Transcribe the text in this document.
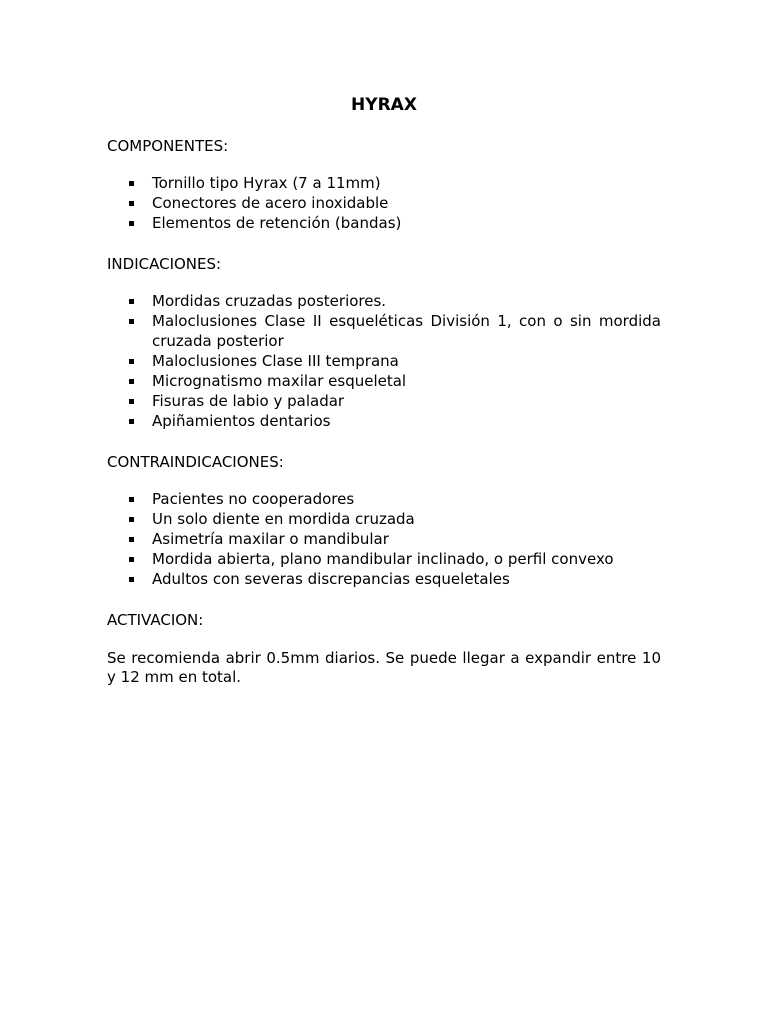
HYRAX
COMPONENTES:
Tornillo tipo Hyrax (7 a 11mm)
Conectores de acero inoxidable
Elementos de retención (bandas)
INDICACIONES:
Mordidas cruzadas posteriores.
Maloclusiones Clase II esqueléticas División 1, con o sin mordida cruzada posterior
Maloclusiones Clase III temprana
Micrognatismo maxilar esqueletal
Fisuras de labio y paladar
Apiñamientos dentarios
CONTRAINDICACIONES:
Pacientes no cooperadores
Un solo diente en mordida cruzada
Asimetría maxilar o mandibular
Mordida abierta, plano mandibular inclinado, o perfil convexo
Adultos con severas discrepancias esqueletales
ACTIVACION:

Se recomienda abrir 0.5mm diarios. Se puede llegar a expandir entre 10 y 12 mm en total.
